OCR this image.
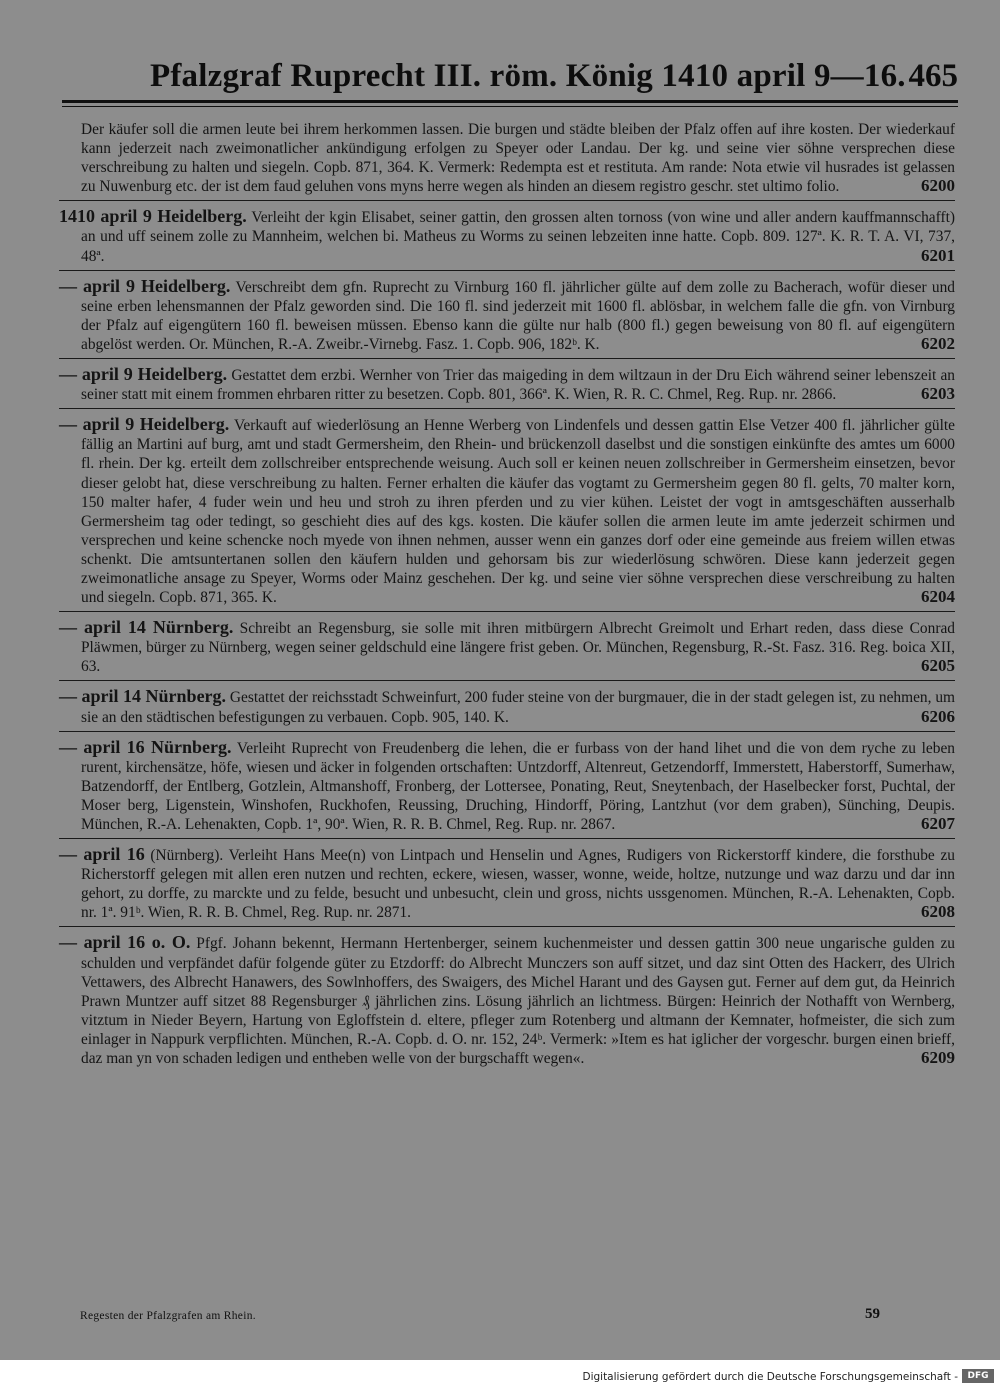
Pfalzgraf Ruprecht III. röm. König 1410 april 9—16. 465
Der käufer soll die armen leute bei ihrem herkommen lassen. Die burgen und städte bleiben der Pfalz offen auf ihre kosten. Der wiederkauf kann jederzeit nach zweimonatlicher ankündigung erfolgen zu Speyer oder Landau. Der kg. und seine vier söhne versprechen diese verschreibung zu halten und siegeln. Copb. 871, 364. K. Vermerk: Redempta est et restituta. Am rande: Nota etwie vil husrades ist gelassen zu Nuwenburg etc. der ist dem faud geluhen vons myns herre wegen als hinden an diesem registro geschr. stet ultimo folio.	6200
1410 april 9 Heidelberg. Verleiht der kgin Elisabet, seiner gattin, den grossen alten tornoss (von wine und aller andern kauffmannschafft) an und uff seinem zolle zu Mannheim, welchen bi. Matheus zu Worms zu seinen lebzeiten inne hatte. Copb. 809. 127ª. K. R. T. A. VI, 737, 48ª.	6201
— april 9 Heidelberg. Verschreibt dem gfn. Ruprecht zu Virnburg 160 fl. jährlicher gülte auf dem zolle zu Bacherach, wofür dieser und seine erben lehensmannen der Pfalz geworden sind. Die 160 fl. sind jederzeit mit 1600 fl. ablösbar, in welchem falle die gfn. von Virnburg der Pfalz auf eigengütern 160 fl. beweisen müssen. Ebenso kann die gülte nur halb (800 fl.) gegen beweisung von 80 fl. auf eigengütern abgelöst werden. Or. München, R.-A. Zweibr.-Virnebg. Fasz. 1. Copb. 906, 182ᵇ. K.	6202
— april 9 Heidelberg. Gestattet dem erzbi. Wernher von Trier das maigeding in dem wiltzaun in der Dru Eich während seiner lebenszeit an seiner statt mit einem frommen ehrbaren ritter zu besetzen. Copb. 801, 366ª. K. Wien, R. R. C. Chmel, Reg. Rup. nr. 2866.	6203
— april 9 Heidelberg. Verkauft auf wiederlösung an Henne Werberg von Lindenfels und dessen gattin Else Vetzer 400 fl. jährlicher gülte fällig an Martini auf burg, amt und stadt Germersheim, den Rhein- und brückenzoll daselbst und die sonstigen einkünfte des amtes um 6000 fl. rhein. Der kg. erteilt dem zollschreiber entsprechende weisung. Auch soll er keinen neuen zollschreiber in Germersheim einsetzen, bevor dieser gelobt hat, diese verschreibung zu halten. Ferner erhalten die käufer das vogtamt zu Germersheim gegen 80 fl. gelts, 70 malter korn, 150 malter hafer, 4 fuder wein und heu und stroh zu ihren pferden und zu vier kühen. Leistet der vogt in amtsgeschäften ausserhalb Germersheim tag oder tedingt, so geschieht dies auf des kgs. kosten. Die käufer sollen die armen leute im amte jederzeit schirmen und versprechen und keine schencke noch myede von ihnen nehmen, ausser wenn ein ganzes dorf oder eine gemeinde aus freiem willen etwas schenkt. Die amtsuntertanen sollen den käufern hulden und gehorsam bis zur wiederlösung schwören. Diese kann jederzeit gegen zweimonatliche ansage zu Speyer, Worms oder Mainz geschehen. Der kg. und seine vier söhne versprechen diese verschreibung zu halten und siegeln. Copb. 871, 365. K.	6204
— april 14 Nürnberg. Schreibt an Regensburg, sie solle mit ihren mitbürgern Albrecht Greimolt und Erhart reden, dass diese Conrad Pläwmen, bürger zu Nürnberg, wegen seiner geldschuld eine längere frist geben. Or. München, Regensburg, R.-St. Fasz. 316. Reg. boica XII, 63.	6205
— april 14 Nürnberg. Gestattet der reichsstadt Schweinfurt, 200 fuder steine von der burgmauer, die in der stadt gelegen ist, zu nehmen, um sie an den städtischen befestigungen zu verbauen. Copb. 905, 140. K.	6206
— april 16 Nürnberg. Verleiht Ruprecht von Freudenberg die lehen, die er furbass von der hand lihet und die von dem ryche zu leben rurent, kirchensätze, höfe, wiesen und äcker in folgenden ortschaften: Untzdorff, Altenreut, Getzendorff, Immerstett, Haberstorff, Sumerhaw, Batzendorff, der Entlberg, Gotzlein, Altmanshoff, Fronberg, der Lottersee, Ponating, Reut, Sneytenbach, der Haselbecker forst, Puchtal, der Moser berg, Ligenstein, Winshofen, Ruckhofen, Reussing, Druching, Hindorff, Pöring, Lantzhut (vor dem graben), Sünching, Deupis. München, R.-A. Lehenakten, Copb. 1ª, 90ª. Wien, R. R. B. Chmel, Reg. Rup. nr. 2867.	6207
— april 16 (Nürnberg). Verleiht Hans Mee(n) von Lintpach und Henselin und Agnes, Rudigers von Rickerstorff kindere, die forsthube zu Richerstorff gelegen mit allen eren nutzen und rechten, eckere, wiesen, wasser, wonne, weide, holtze, nutzunge und waz darzu und dar inn gehort, zu dorffe, zu marckte und zu felde, besucht und unbesucht, clein und gross, nichts ussgenomen. München, R.-A. Lehenakten, Copb. nr. 1ª. 91ᵇ. Wien, R. R. B. Chmel, Reg. Rup. nr. 2871.	6208
— april 16 o. O. Pfgf. Johann bekennt, Hermann Hertenberger, seinem kuchenmeister und dessen gattin 300 neue ungarische gulden zu schulden und verpfändet dafür folgende güter zu Etzdorff: do Albrecht Munczers son auff sitzet, und daz sint Otten des Hackerr, des Ulrich Vettawers, des Albrecht Hanawers, des Sowlnhoffers, des Swaigers, des Michel Harant und des Gaysen gut. Ferner auf dem gut, da Heinrich Prawn Muntzer auff sitzet 88 Regensburger ₰ jährlichen zins. Lösung jährlich an lichtmess. Bürgen: Heinrich der Nothafft von Wernberg, vitztum in Nieder Beyern, Hartung von Egloffstein d. eltere, pfleger zum Rotenberg und altmann der Kemnater, hofmeister, die sich zum einlager in Nappurk verpflichten. München, R.-A. Copb. d. O. nr. 152, 24ᵇ. Vermerk: »Item es hat iglicher der vorgeschr. burgen einen brieff, daz man yn von schaden ledigen und entheben welle von der burgschafft wegen«.	6209
Regesten der Pfalzgrafen am Rhein.	59
Digitalisierung gefördert durch die Deutsche Forschungsgemeinschaft -	DFG
